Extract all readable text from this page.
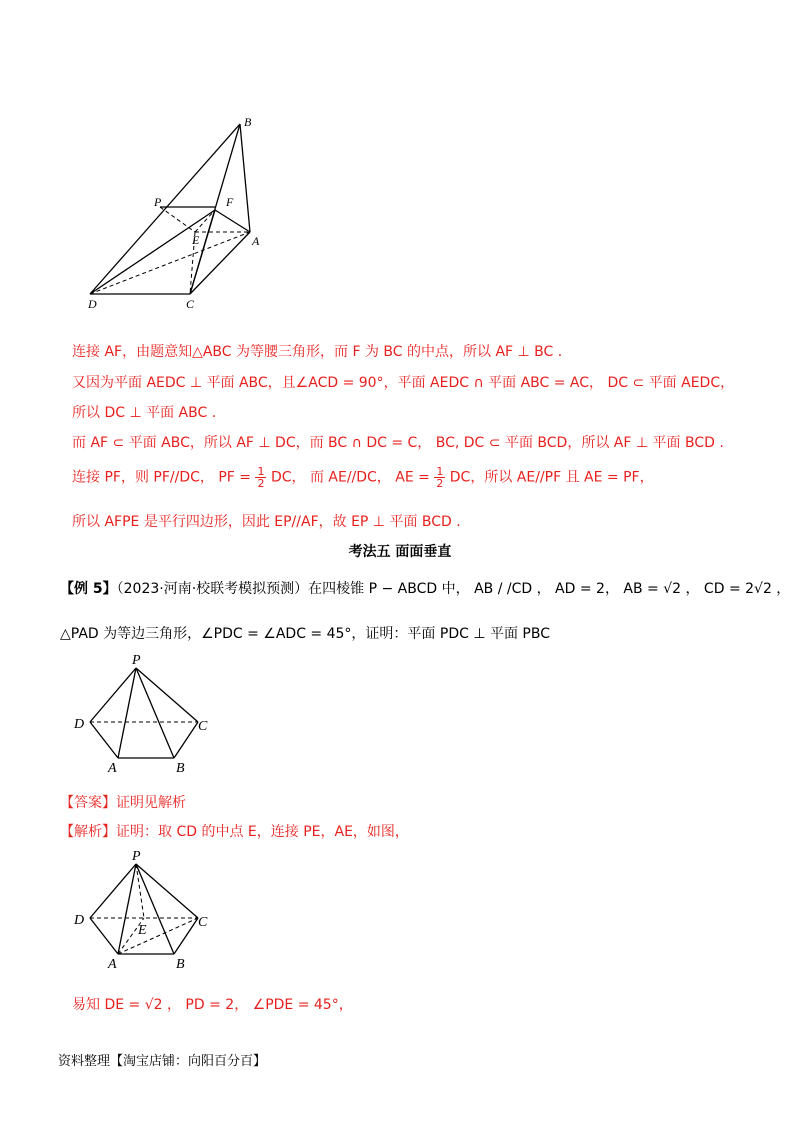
B
P	F
E	A
D	C
连接 AF，由题意知△ABC 为等腰三角形，而 F 为 BC 的中点，所以 AF ⊥ BC .
又因为平面 AEDC ⊥ 平面 ABC，且∠ACD = 90°，平面 AEDC ∩ 平面 ABC = AC， DC ⊂ 平面 AEDC，
所以 DC ⊥ 平面 ABC .
而 AF ⊂ 平面 ABC，所以 AF ⊥ DC，而 BC ∩ DC = C， BC, DC ⊂ 平面 BCD，所以 AF ⊥ 平面 BCD .
连接 PF，则 PF//DC， PF = $\frac{1}{2}$ DC， 而 AE//DC， AE = $\frac{1}{2}$ DC，所以 AE//PF 且 AE = PF，
所以 AFPE 是平行四边形，因此 EP//AF，故 EP ⊥ 平面 BCD .
考法五 面面垂直
【例 5】（2023·河南·校联考模拟预测）在四棱锥 P − ABCD 中， AB / /CD ， AD = 2， AB = √2 ， CD = 2√2 ，
△PAD 为等边三角形，∠PDC = ∠ADC = 45°，证明：平面 PDC ⊥ 平面 PBC
P
D	C
A	B
【答案】证明见解析
【解析】证明：取 CD 的中点 E，连接 PE，AE，如图，
P
D	C
E
A	B
易知 DE = √2 ， PD = 2， ∠PDE = 45°，
资料整理【淘宝店铺：向阳百分百】
